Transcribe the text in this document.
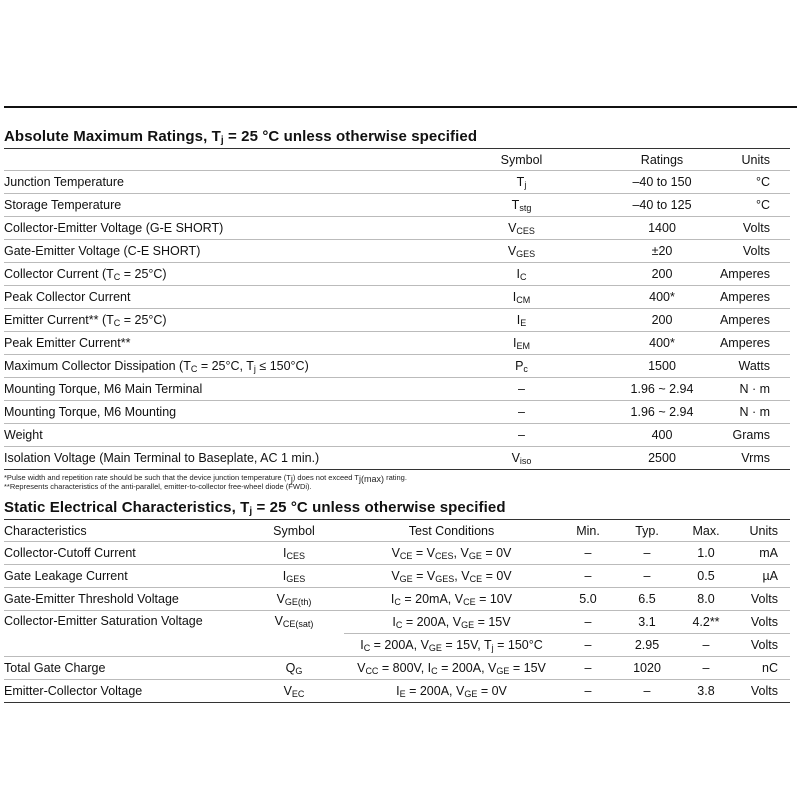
Absolute Maximum Ratings, $T_j = 25$ °C unless otherwise specified
	Symbol	Ratings	Units
Junction Temperature	$T_j$	–40 to 150	°C
Storage Temperature	$T_{stg}$	–40 to 125	°C
Collector-Emitter Voltage (G-E SHORT)	$V_{CES}$	1400	Volts
Gate-Emitter Voltage (C-E SHORT)	$V_{GES}$	±20	Volts
Collector Current $(T_C = 25^\circ C)$	$I_C$	200	Amperes
Peak Collector Current	$I_{CM}$	400*	Amperes
Emitter Current** $(T_C = 25^\circ C)$	$I_E$	200	Amperes
Peak Emitter Current**	$I_{EM}$	400*	Amperes
Maximum Collector Dissipation ($T_C = 25^\circ C$, $T_j \le 150^\circ C$)	$P_c$	1500	Watts
Mounting Torque, M6 Main Terminal	–	1.96 ~ 2.94	N · m
Mounting Torque, M6 Mounting	–	1.96 ~ 2.94	N · m
Weight	–	400	Grams
Isolation Voltage (Main Terminal to Baseplate, AC 1 min.)	$V_{iso}$	2500	Vrms
*Pulse width and repetition rate should be such that the device junction temperature $(T_j)$ does not exceed $T_{j(max)}$ rating.
**Represents characteristics of the anti-parallel, emitter-to-collector free-wheel diode (FWDi).
Static Electrical Characteristics, $T_j = 25$ °C unless otherwise specified
Characteristics	Symbol	Test Conditions	Min.	Typ.	Max.	Units
Collector-Cutoff Current	$I_{CES}$	$V_{CE} = V_{CES}$, $V_{GE} = 0V$	–	–	1.0	mA
Gate Leakage Current	$I_{GES}$	$V_{GE} = V_{GES}$, $V_{CE} = 0V$	–	–	0.5	µA
Gate-Emitter Threshold Voltage	$V_{GE(th)}$	$I_C = 20mA$, $V_{CE} = 10V$	5.0	6.5	8.0	Volts
Collector-Emitter Saturation Voltage	$V_{CE(sat)}$	$I_C = 200A$, $V_{GE} = 15V$	–	3.1	4.2**	Volts
		$I_C = 200A$, $V_{GE} = 15V$, $T_j = 150^\circ C$	–	2.95	–	Volts
Total Gate Charge	$Q_G$	$V_{CC} = 800V$, $I_C = 200A$, $V_{GE} = 15V$	–	1020	–	nC
Emitter-Collector Voltage	$V_{EC}$	$I_E = 200A$, $V_{GE} = 0V$	–	–	3.8	Volts
